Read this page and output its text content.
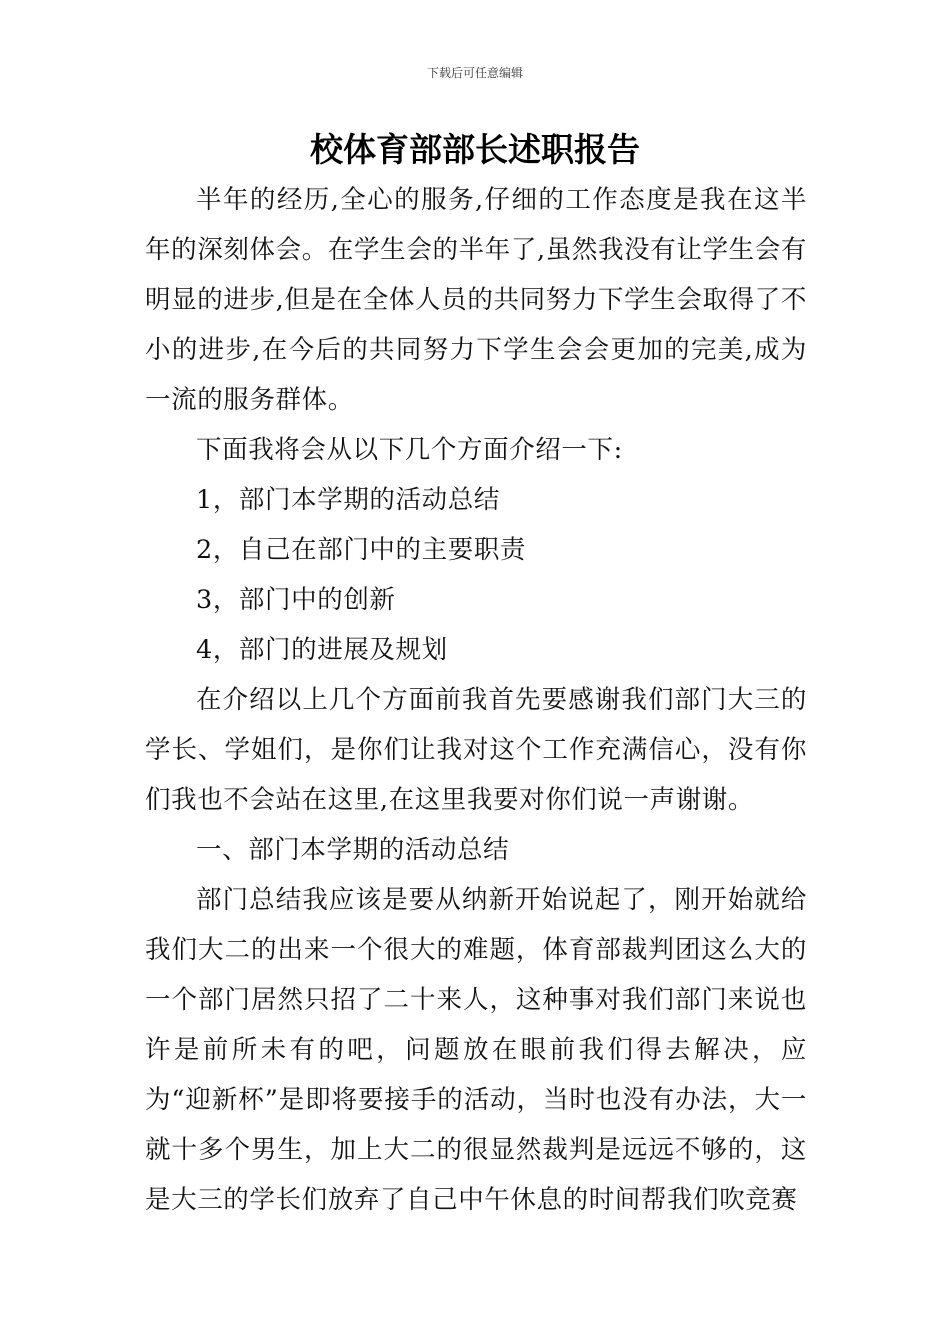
下载后可任意编辑
校体育部部长述职报告

半年的经历,全心的服务,仔细的工作态度是我在这半年的深刻体会。在学生会的半年了,虽然我没有让学生会有明显的进步,但是在全体人员的共同努力下学生会取得了不小的进步,在今后的共同努力下学生会会更加的完美,成为一流的服务群体。

下面我将会从以下几个方面介绍一下:

1，部门本学期的活动总结

2，自己在部门中的主要职责

3，部门中的创新

4，部门的进展及规划

在介绍以上几个方面前我首先要感谢我们部门大三的学长、学姐们，是你们让我对这个工作充满信心，没有你们我也不会站在这里,在这里我要对你们说一声谢谢。

一、部门本学期的活动总结

部门总结我应该是要从纳新开始说起了，刚开始就给我们大二的出来一个很大的难题，体育部裁判团这么大的一个部门居然只招了二十来人，这种事对我们部门来说也许是前所未有的吧，问题放在眼前我们得去解决，应为“迎新杯”是即将要接手的活动，当时也没有办法，大一就十多个男生，加上大二的很显然裁判是远远不够的，这是大三的学长们放弃了自己中午休息的时间帮我们吹竞赛
